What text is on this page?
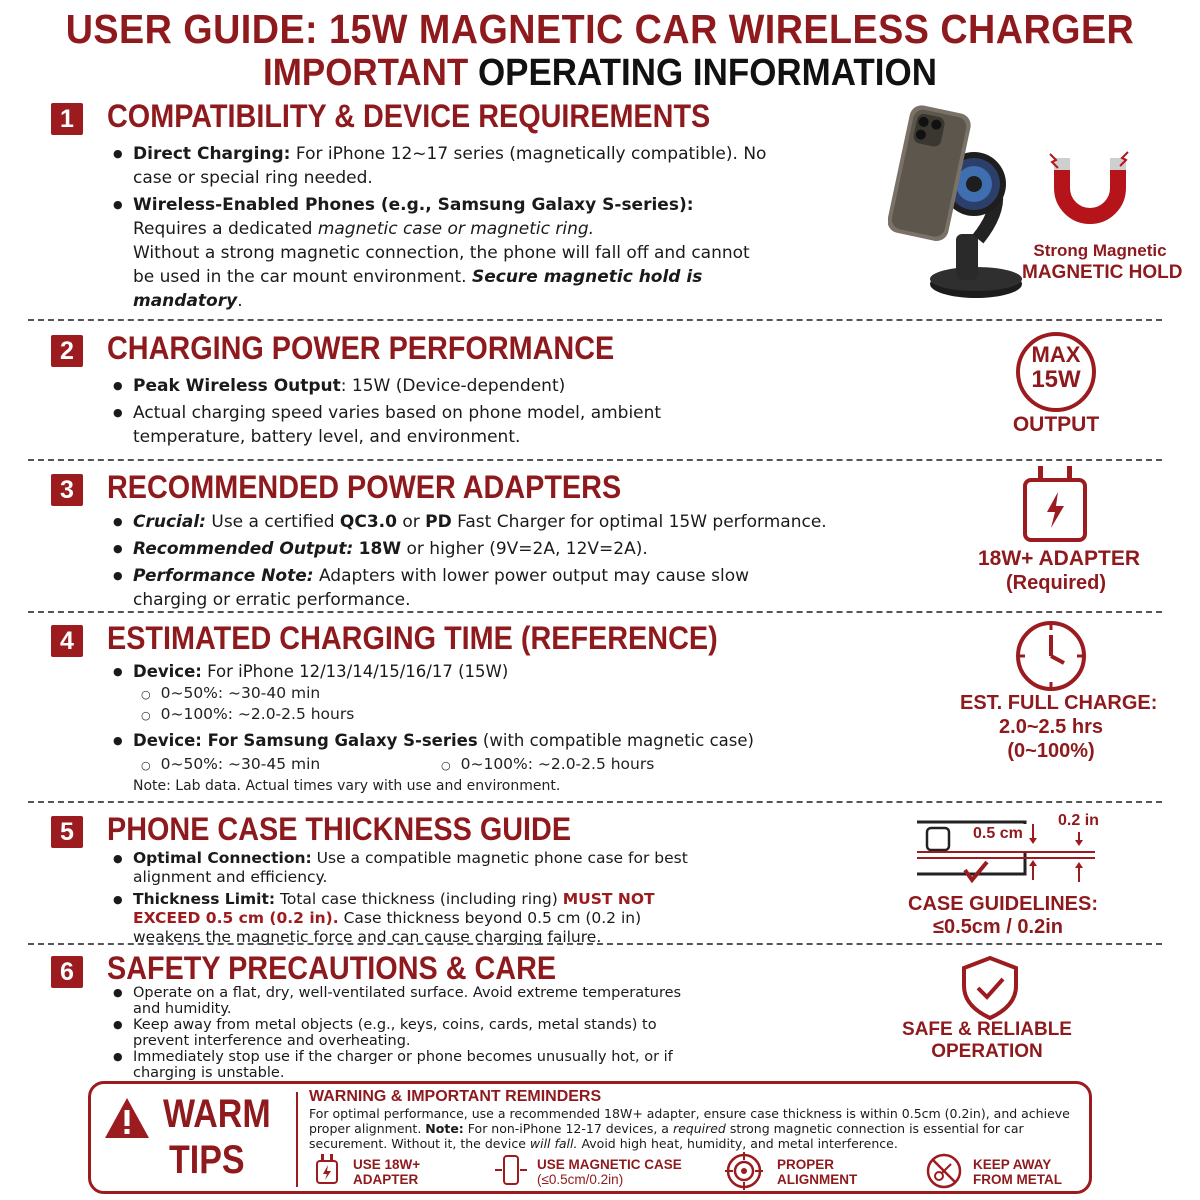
USER GUIDE: 15W MAGNETIC CAR WIRELESS CHARGER
IMPORTANT OPERATING INFORMATION
1 COMPATIBILITY & DEVICE REQUIREMENTS
● Direct Charging: For iPhone 12~17 series (magnetically compatible). No case or special ring needed.
● Wireless-Enabled Phones (e.g., Samsung Galaxy S-series):
Requires a dedicated magnetic case or magnetic ring.
Without a strong magnetic connection, the phone will fall off and cannot be used in the car mount environment. Secure magnetic hold is mandatory.
Strong Magnetic
MAGNETIC HOLD
2 CHARGING POWER PERFORMANCE
● Peak Wireless Output: 15W (Device-dependent)
● Actual charging speed varies based on phone model, ambient temperature, battery level, and environment.
MAX
15W
OUTPUT
3 RECOMMENDED POWER ADAPTERS
● Crucial: Use a certified QC3.0 or PD Fast Charger for optimal 15W performance.
● Recommended Output: 18W or higher (9V=2A, 12V=2A).
● Performance Note: Adapters with lower power output may cause slow charging or erratic performance.
18W+ ADAPTER
(Required)
4 ESTIMATED CHARGING TIME (REFERENCE)
● Device: For iPhone 12/13/14/15/16/17 (15W)
○ 0~50%: ~30-40 min
○ 0~100%: ~2.0-2.5 hours
● Device: For Samsung Galaxy S-series (with compatible magnetic case)
○ 0~50%: ~30-45 min
○	0~100%: ~2.0-2.5 hours
Note: Lab data. Actual times vary with use and environment.
EST. FULL CHARGE:
2.0~2.5 hrs
(0~100%)
5 PHONE CASE THICKNESS GUIDE
● Optimal Connection: Use a compatible magnetic phone case for best alignment and efficiency.
● Thickness Limit: Total case thickness (including ring) MUST NOT EXCEED 0.5 cm (0.2 in). Case thickness beyond 0.5 cm (0.2 in) weakens the magnetic force and can cause charging failure.
0.5 cm
0.2 in
CASE GUIDELINES:
≤0.5cm / 0.2in
6 SAFETY PRECAUTIONS & CARE
● Operate on a flat, dry, well-ventilated surface. Avoid extreme temperatures and humidity.
● Keep away from metal objects (e.g., keys, coins, cards, metal stands) to prevent interference and overheating.
● Immediately stop use if the charger or phone becomes unusually hot, or if charging is unstable.
SAFE & RELIABLE
OPERATION
WARM
TIPS
WARNING & IMPORTANT REMINDERS
For optimal performance, use a recommended 18W+ adapter, ensure case thickness is within 0.5cm (0.2in), and achieve proper alignment. Note: For non-iPhone 12-17 devices, a required strong magnetic connection is essential for car securement. Without it, the device will fall. Avoid high heat, humidity, and metal interference.
USE 18W+
ADAPTER
USE MAGNETIC CASE
(≤0.5cm/0.2in)
PROPER
ALIGNMENT
KEEP AWAY
FROM METAL
